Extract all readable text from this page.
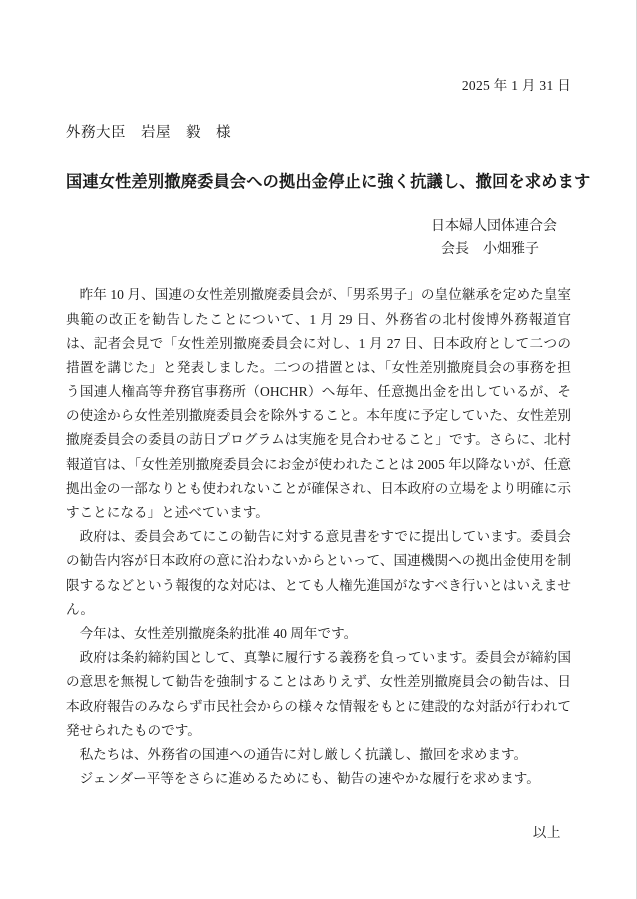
2025 年 1 月 31 日
外務大臣　岩屋　毅　様
国連女性差別撤廃委員会への拠出金停止に強く抗議し、撤回を求めます
日本婦人団体連合会
会長　小畑雅子

昨年 10 月、国連の女性差別撤廃委員会が、「男系男子」の皇位継承を定めた皇室典範の改正を勧告したことについて、1 月 29 日、外務省の北村俊博外務報道官は、記者会見で「女性差別撤廃委員会に対し、1 月 27 日、日本政府として二つの措置を講じた」と発表しました。二つの措置とは、「女性差別撤廃員会の事務を担う国連人権高等弁務官事務所（OHCHR）へ毎年、任意拠出金を出しているが、その使途から女性差別撤廃委員会を除外すること。本年度に予定していた、女性差別撤廃委員会の委員の訪日プログラムは実施を見合わせること」です。さらに、北村報道官は、「女性差別撤廃委員会にお金が使われたことは 2005 年以降ないが、任意拠出金の一部なりとも使われないことが確保され、日本政府の立場をより明確に示すことになる」と述べています。

政府は、委員会あてにこの勧告に対する意見書をすでに提出しています。委員会の勧告内容が日本政府の意に沿わないからといって、国連機関への拠出金使用を制限するなどという報復的な対応は、とても人権先進国がなすべき行いとはいえません。

今年は、女性差別撤廃条約批准 40 周年です。

政府は条約締約国として、真摯に履行する義務を負っています。委員会が締約国の意思を無視して勧告を強制することはありえず、女性差別撤廃員会の勧告は、日本政府報告のみならず市民社会からの様々な情報をもとに建設的な対話が行われて発せられたものです。

私たちは、外務省の国連への通告に対し厳しく抗議し、撤回を求めます。

ジェンダー平等をさらに進めるためにも、勧告の速やかな履行を求めます。

以上
